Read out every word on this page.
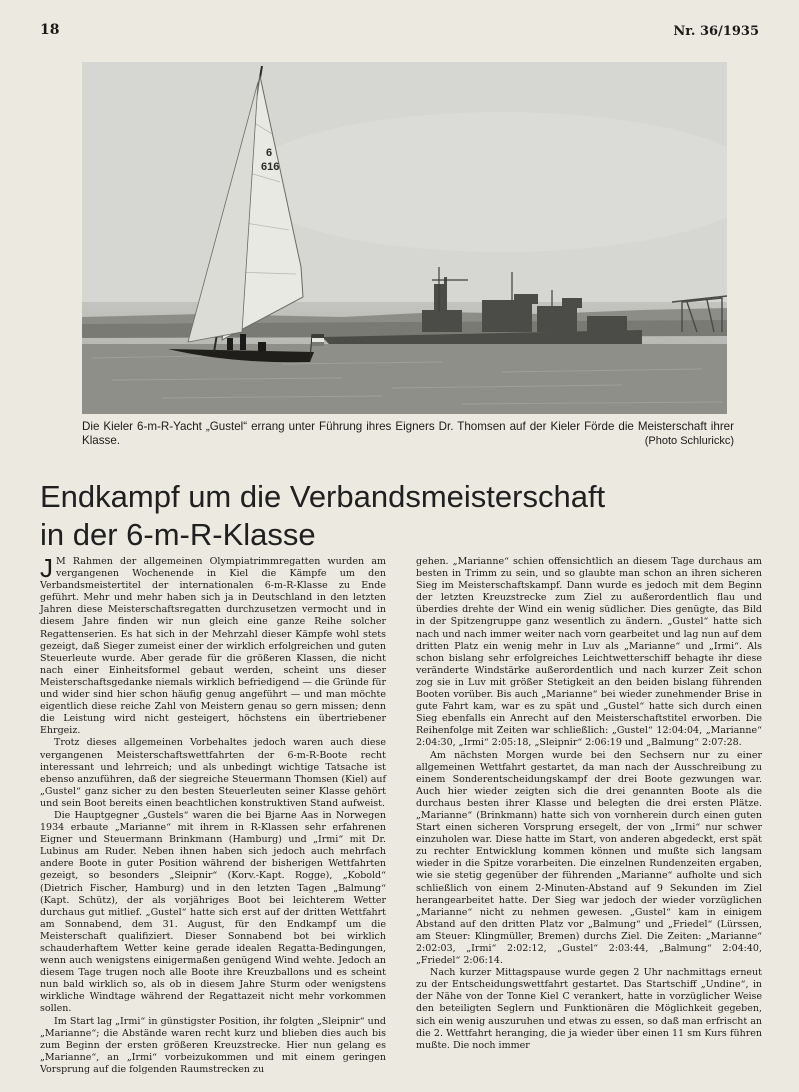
18	Nr. 36/1935
6
616
Die Kieler 6-m-R-Yacht „Gustel“ errang unter Führung ihres Eigners Dr. Thomsen auf der Kieler Förde die Meisterschaft ihrer Klasse.	(Photo Schlurickc)
Endkampf um die Verbandsmeisterschaft
in der 6-m-R-Klasse

J M Rahmen der allgemeinen Olympiatrimmregatten wurden am vergangenen Wochenende in Kiel die Kämpfe um den Verbandsmeistertitel der internationalen 6-m-R-Klasse zu Ende geführt. Mehr und mehr haben sich ja in Deutschland in den letzten Jahren diese Meisterschaftsregatten durchzusetzen vermocht und in diesem Jahre finden wir nun gleich eine ganze Reihe solcher Regattenserien. Es hat sich in der Mehrzahl dieser Kämpfe wohl stets gezeigt, daß Sieger zumeist einer der wirklich erfolgreichen und guten Steuerleute wurde. Aber gerade für die größeren Klassen, die nicht nach einer Einheitsformel gebaut werden, scheint uns dieser Meisterschaftsgedanke niemals wirklich befriedigend — die Gründe für und wider sind hier schon häufig genug angeführt — und man möchte eigentlich diese reiche Zahl von Meistern genau so gern missen; denn die Leistung wird nicht gesteigert, höchstens ein übertriebener Ehrgeiz.

Trotz dieses allgemeinen Vorbehaltes jedoch waren auch diese vergangenen Meisterschaftswettfahrten der 6-m-R-Boote recht interessant und lehrreich; und als unbedingt wichtige Tatsache ist ebenso anzuführen, daß der siegreiche Steuermann Thomsen (Kiel) auf „Gustel“ ganz sicher zu den besten Steuerleuten seiner Klasse gehört und sein Boot bereits einen beachtlichen konstruktiven Stand aufweist.

Die Hauptgegner „Gustels“ waren die bei Bjarne Aas in Norwegen 1934 erbaute „Marianne“ mit ihrem in R-Klassen sehr erfahrenen Eigner und Steuermann Brinkmann (Hamburg) und „Irmi“ mit Dr. Lubinus am Ruder. Neben ihnen haben sich jedoch auch mehrfach andere Boote in guter Position während der bisherigen Wettfahrten gezeigt, so besonders „Sleipnir“ (Korv.-Kapt. Rogge), „Kobold“ (Dietrich Fischer, Hamburg) und in den letzten Tagen „Balmung“ (Kapt. Schütz), der als vorjähriges Boot bei leichterem Wetter durchaus gut mitlief. „Gustel“ hatte sich erst auf der dritten Wettfahrt am Sonnabend, dem 31. August, für den Endkampf um die Meisterschaft qualifiziert. Dieser Sonnabend bot bei wirklich schauderhaftem Wetter keine gerade idealen Regatta-Bedingungen, wenn auch wenigstens einigermaßen genügend Wind wehte. Jedoch an diesem Tage trugen noch alle Boote ihre Kreuzballons und es scheint nun bald wirklich so, als ob in diesem Jahre Sturm oder wenigstens wirkliche Windtage während der Regattazeit nicht mehr vorkommen sollen.

Im Start lag „Irmi“ in günstigster Position, ihr folgten „Sleipnir“ und „Marianne“; die Abstände waren recht kurz und blieben dies auch bis zum Beginn der ersten größeren Kreuzstrecke. Hier nun gelang es „Marianne“, an „Irmi“ vorbeizukommen und mit einem geringen Vorsprung auf die folgenden Raumstrecken zu

gehen. „Marianne“ schien offensichtlich an diesem Tage durchaus am besten in Trimm zu sein, und so glaubte man schon an ihren sicheren Sieg im Meisterschaftskampf. Dann wurde es jedoch mit dem Beginn der letzten Kreuzstrecke zum Ziel zu außerordentlich flau und überdies drehte der Wind ein wenig südlicher. Dies genügte, das Bild in der Spitzengruppe ganz wesentlich zu ändern. „Gustel“ hatte sich nach und nach immer weiter nach vorn gearbeitet und lag nun auf dem dritten Platz ein wenig mehr in Luv als „Marianne“ und „Irmi“. Als schon bislang sehr erfolgreiches Leichtwetterschiff behagte ihr diese veränderte Windstärke außerordentlich und nach kurzer Zeit schon zog sie in Luv mit größer Stetigkeit an den beiden bislang führenden Booten vorüber. Bis auch „Marianne“ bei wieder zunehmender Brise in gute Fahrt kam, war es zu spät und „Gustel“ hatte sich durch einen Sieg ebenfalls ein Anrecht auf den Meisterschaftstitel erworben. Die Reihenfolge mit Zeiten war schließlich: „Gustel“ 12:04:04, „Marianne“ 2:04:30, „Irmi“ 2:05:18, „Sleipnir“ 2:06:19 und „Balmung“ 2:07:28.

Am nächsten Morgen wurde bei den Sechsern nur zu einer allgemeinen Wettfahrt gestartet, da man nach der Ausschreibung zu einem Sonderentscheidungskampf der drei Boote gezwungen war. Auch hier wieder zeigten sich die drei genannten Boote als die durchaus besten ihrer Klasse und belegten die drei ersten Plätze. „Marianne“ (Brinkmann) hatte sich von vornherein durch einen guten Start einen sicheren Vorsprung ersegelt, der von „Irmi“ nur schwer einzuholen war. Diese hatte im Start, von anderen abgedeckt, erst spät zu rechter Entwicklung kommen können und mußte sich langsam wieder in die Spitze vorarbeiten. Die einzelnen Rundenzeiten ergaben, wie sie stetig gegenüber der führenden „Marianne“ aufholte und sich schließlich von einem 2-Minuten-Abstand auf 9 Sekunden im Ziel herangearbeitet hatte. Der Sieg war jedoch der wieder vorzüglichen „Marianne“ nicht zu nehmen gewesen. „Gustel“ kam in einigem Abstand auf den dritten Platz vor „Balmung“ und „Friedel“ (Lürssen, am Steuer: Klingmüller, Bremen) durchs Ziel. Die Zeiten: „Marianne“ 2:02:03, „Irmi“ 2:02:12, „Gustel“ 2:03:44, „Balmung“ 2:04:40, „Friedel“ 2:06:14.

Nach kurzer Mittagspause wurde gegen 2 Uhr nachmittags erneut zu der Entscheidungswettfahrt gestartet. Das Startschiff „Undine“, in der Nähe von der Tonne Kiel C verankert, hatte in vorzüglicher Weise den beteiligten Seglern und Funktionären die Möglichkeit gegeben, sich ein wenig auszuruhen und etwas zu essen, so daß man erfrischt an die 2. Wettfahrt heranging, die ja wieder über einen 11 sm Kurs führen mußte. Die noch immer
